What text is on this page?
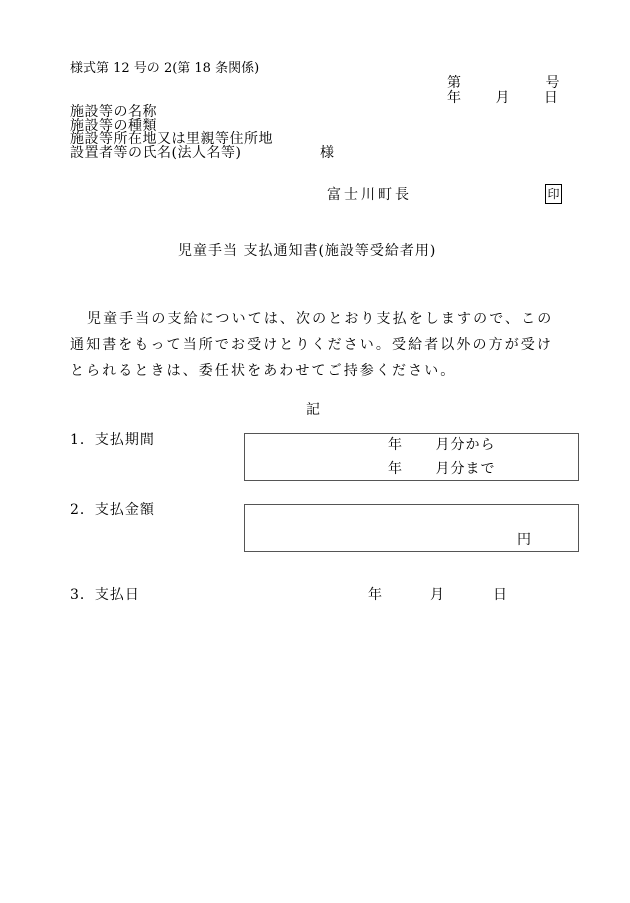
様式第 12 号の 2(第 18 条関係)
第	号
年 月 日
施設等の名称
施設等の種類
施設等所在地又は里親等住所地
設置者等の氏名(法人名等)	様
富士川町長	印
児童手当 支払通知書(施設等受給者用)
児童手当の支給については、次のとおり支払をしますので、この通知書をもって当所でお受けとりください。受給者以外の方が受けとられるときは、委任状をあわせてご持参ください。
記
1．支払期間	年 月分から
年 月分まで
2．支払金額
円
3．支払日	年	月	日
